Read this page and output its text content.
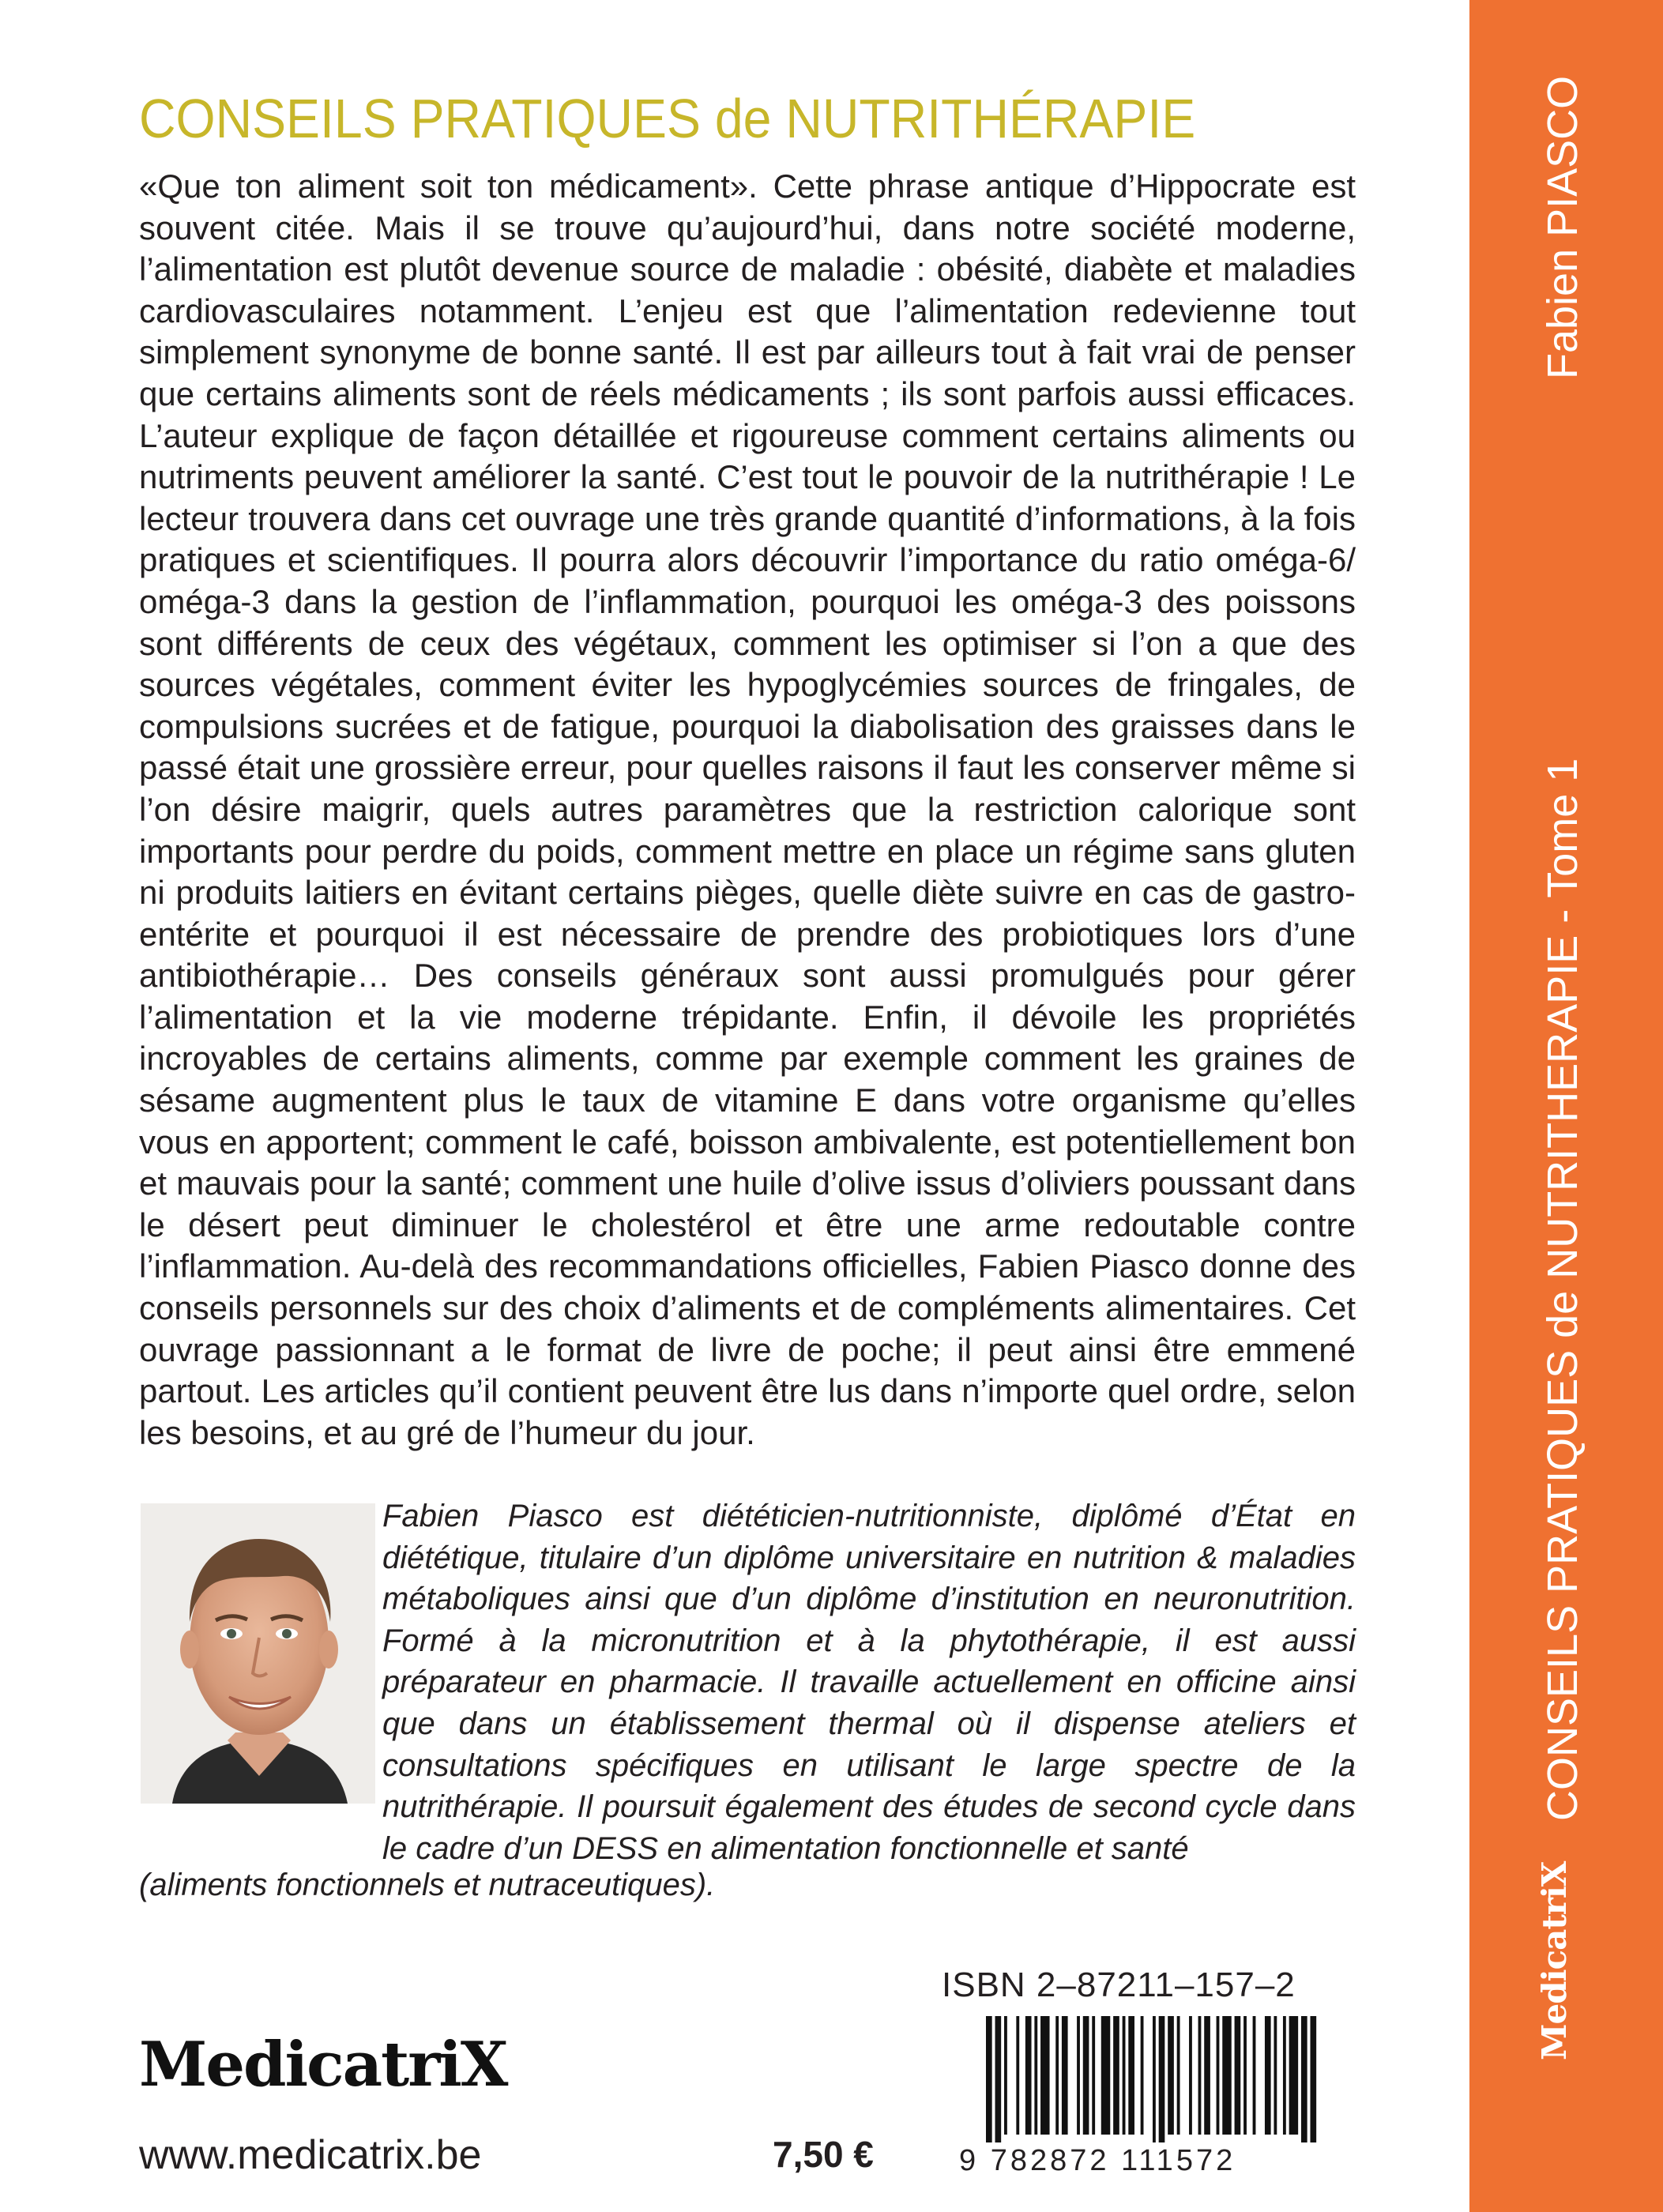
Fabien PIASCO
CONSEILS PRATIQUES de NUTRITHERAPIE - Tome 1
MedicatriX
CONSEILS PRATIQUES de NUTRITHÉRAPIE

«Que ton aliment soit ton médicament». Cette phrase antique d’Hippocrate est souvent citée. Mais il se trouve qu’aujourd’hui, dans notre société moderne, l’alimentation est plutôt devenue source de maladie : obésité, diabète et maladies cardiovasculaires notamment. L’enjeu est que l’alimentation redevienne tout simplement synonyme de bonne santé. Il est par ailleurs tout à fait vrai de penser que certains aliments sont de réels médicaments ; ils sont parfois aussi efficaces. L’auteur explique de façon détaillée et rigoureuse comment certains aliments ou nutriments peuvent améliorer la santé. C’est tout le pouvoir de la nutrithérapie ! Le lecteur trouvera dans cet ouvrage une très grande quantité d’informations, à la fois pratiques et scientifiques. Il pourra alors découvrir l’importance du ratio oméga-6/ oméga-3 dans la gestion de l’inflammation, pourquoi les oméga-3 des poissons sont différents de ceux des végétaux, comment les optimiser si l’on a que des sources végétales, comment éviter les hypoglycémies sources de fringales, de compulsions sucrées et de fatigue, pourquoi la diabolisation des graisses dans le passé était une grossière erreur, pour quelles raisons il faut les conserver même si l’on désire maigrir, quels autres paramètres que la restriction calorique sont importants pour perdre du poids, comment mettre en place un régime sans gluten ni produits laitiers en évitant certains pièges, quelle diète suivre en cas de gastro-entérite et pourquoi il est nécessaire de prendre des probiotiques lors d’une antibiothérapie… Des conseils généraux sont aussi promulgués pour gérer l’alimentation et la vie moderne trépidante. Enfin, il dévoile les propriétés incroyables de certains aliments, comme par exemple comment les graines de sésame augmentent plus le taux de vitamine E dans votre organisme qu’elles vous en apportent; comment le café, boisson ambivalente, est potentiellement bon et mauvais pour la santé; comment une huile d’olive issus d’oliviers poussant dans le désert peut diminuer le cholestérol et être une arme redoutable contre l’inflammation. Au-delà des recommandations officielles, Fabien Piasco donne des conseils personnels sur des choix d’aliments et de compléments alimentaires. Cet ouvrage passionnant a le format de livre de poche; il peut ainsi être emmené partout. Les articles qu’il contient peuvent être lus dans n’importe quel ordre, selon les besoins, et au gré de l’humeur du jour.

Fabien Piasco est diététicien-nutritionniste, diplômé d’État en diététique, titulaire d’un diplôme universitaire en nutrition & maladies métaboliques ainsi que d’un diplôme d’institution en neuronutrition. Formé à la micronutrition et à la phytothérapie, il est aussi préparateur en pharmacie. Il travaille actuellement en officine ainsi que dans un établissement thermal où il dispense ateliers et consultations spécifiques en utilisant le large spectre de la nutrithérapie. Il poursuit également des études de second cycle dans le cadre d’un DESS en alimentation fonctionnelle et santé

(aliments fonctionnels et nutraceutiques).

ISBN 2–87211–157–2
9 782872 111572
MedicatriX
www.medicatrix.be	7,50 €
